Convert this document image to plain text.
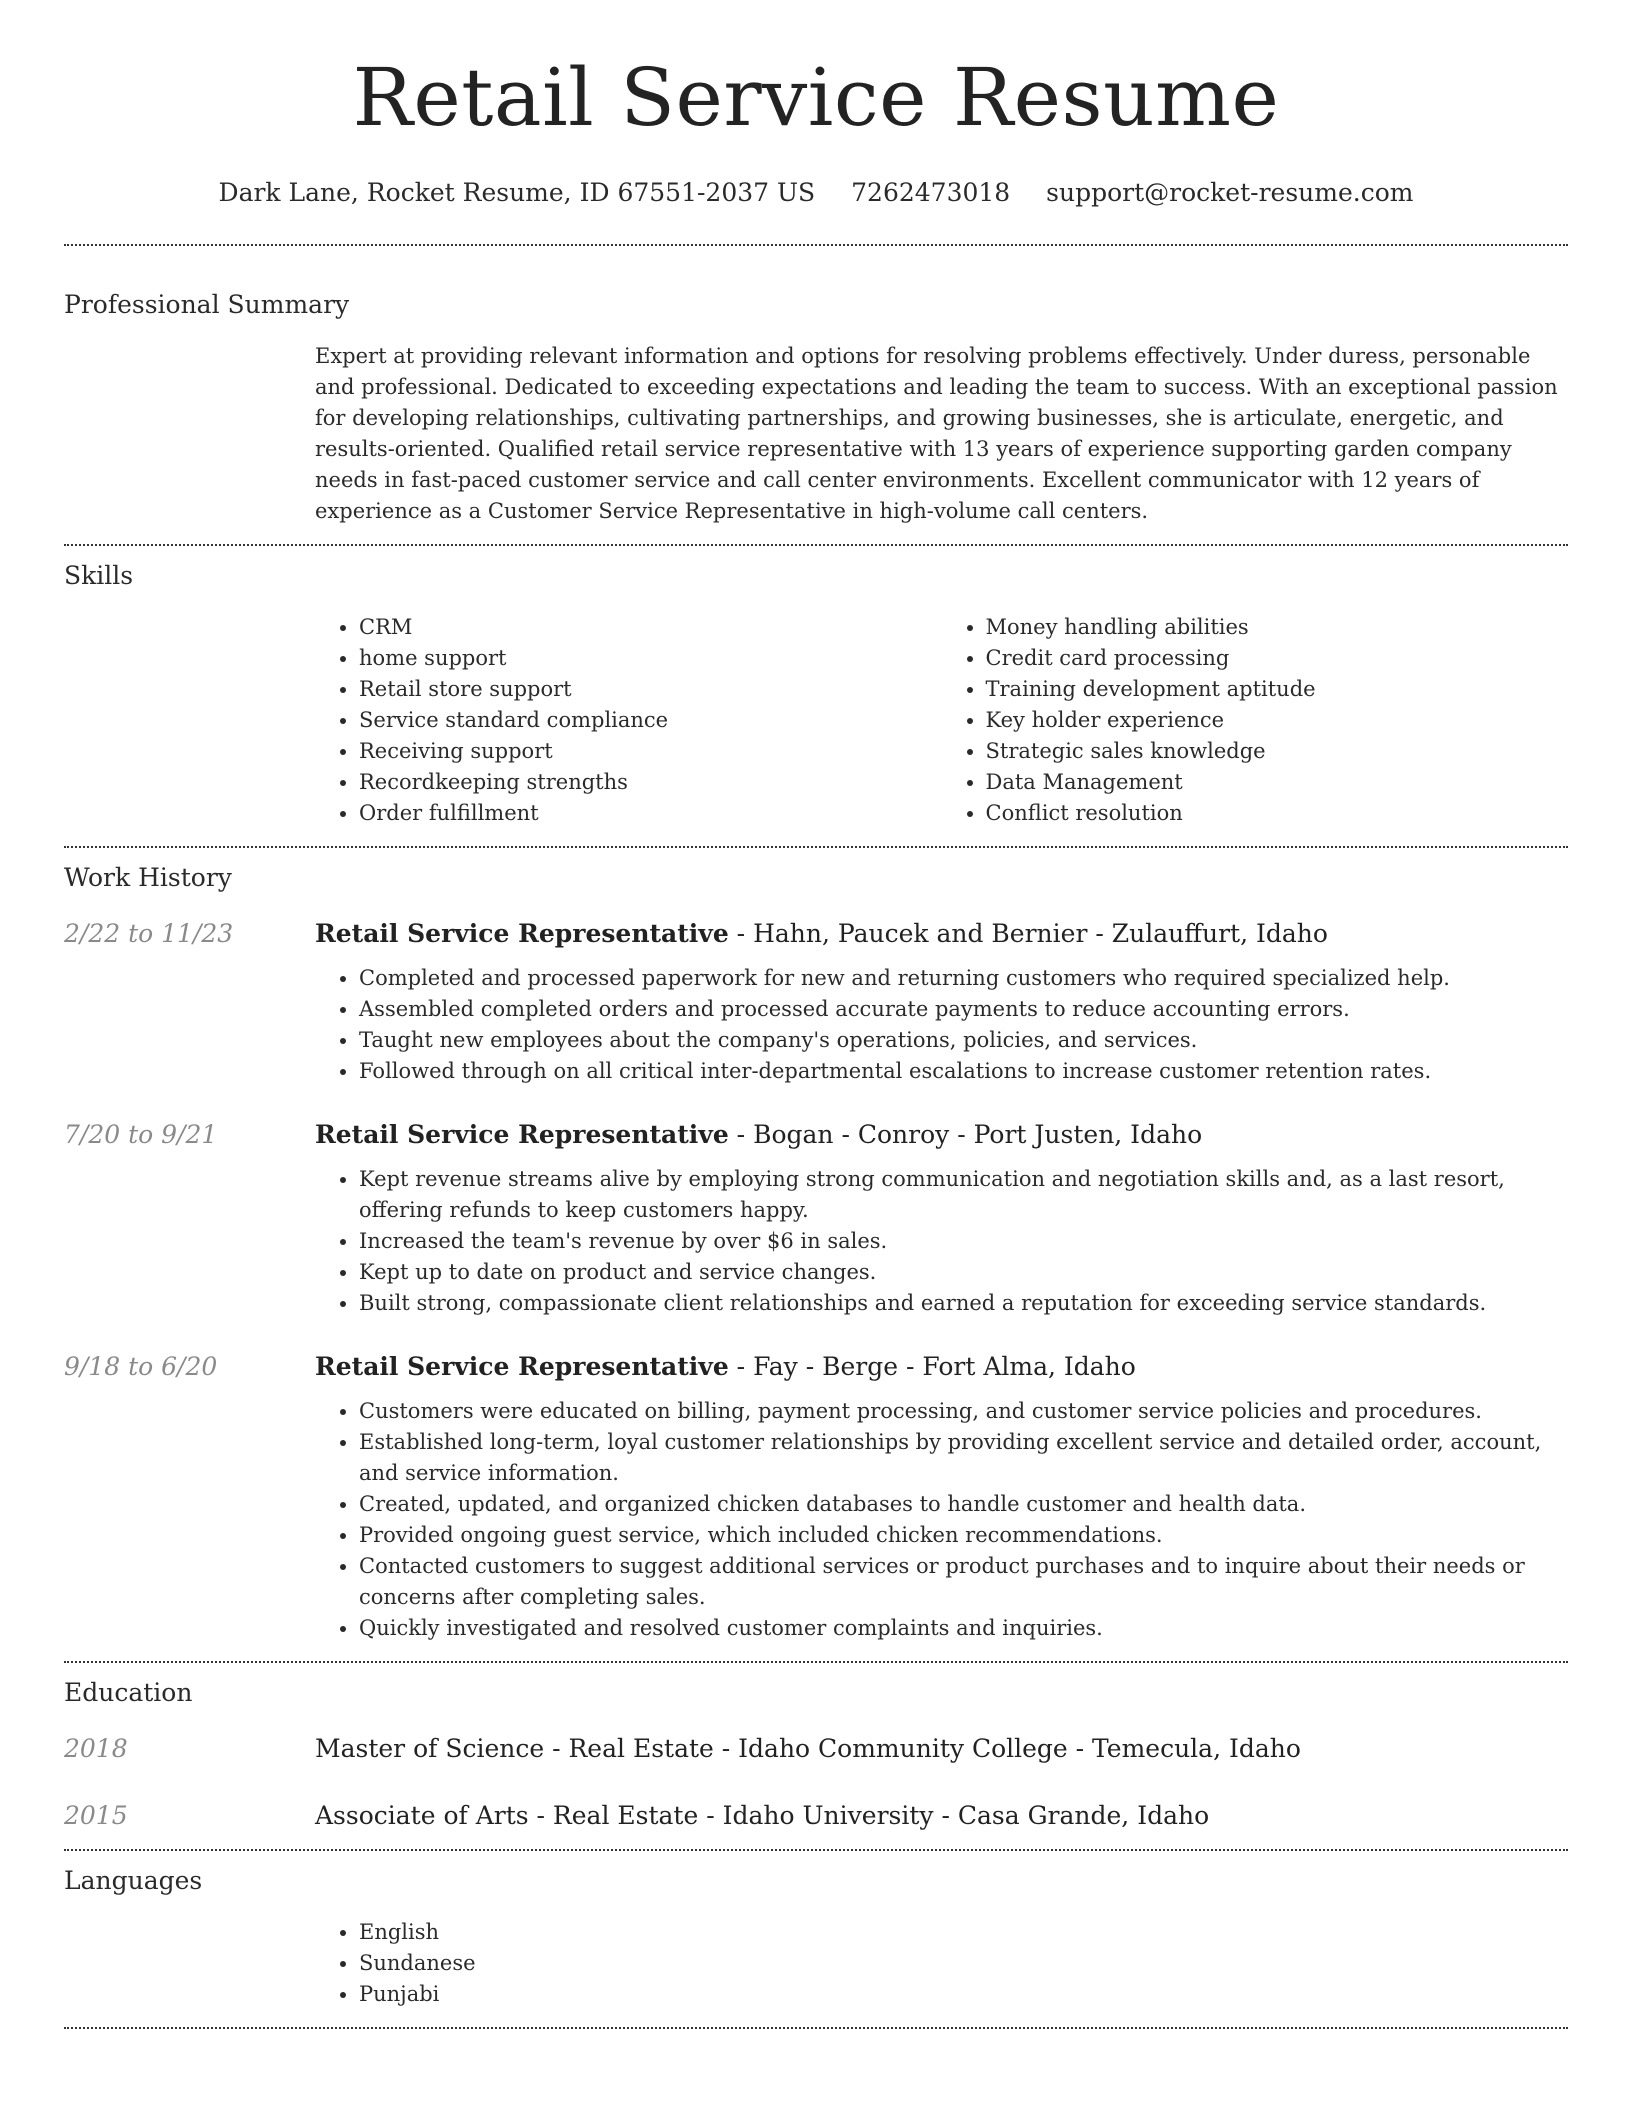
Retail Service Resume
Dark Lane, Rocket Resume, ID 67551-2037 US 7262473018 support@rocket-resume.com
Professional Summary

Expert at providing relevant information and options for resolving problems effectively. Under duress, personable and professional. Dedicated to exceeding expectations and leading the team to success. With an exceptional passion for developing relationships, cultivating partnerships, and growing businesses, she is articulate, energetic, and results-oriented. Qualified retail service representative with 13 years of experience supporting garden company needs in fast-paced customer service and call center environments. Excellent communicator with 12 years of experience as a Customer Service Representative in high-volume call centers.

Skills
• CRM
• home support
• Retail store support
• Service standard compliance
• Receiving support
• Recordkeeping strengths
• Order fulfillment
• Money handling abilities
• Credit card processing
• Training development aptitude
• Key holder experience
• Strategic sales knowledge
• Data Management
• Conflict resolution
Work History
2/22 to 11/23	Retail Service Representative - Hahn, Paucek and Bernier - Zulauffurt, Idaho
• Completed and processed paperwork for new and returning customers who required specialized help.
• Assembled completed orders and processed accurate payments to reduce accounting errors.
• Taught new employees about the company's operations, policies, and services.
• Followed through on all critical inter-departmental escalations to increase customer retention rates.
7/20 to 9/21	Retail Service Representative - Bogan - Conroy - Port Justen, Idaho
• Kept revenue streams alive by employing strong communication and negotiation skills and, as a last resort, offering refunds to keep customers happy.
• Increased the team's revenue by over $6 in sales.
• Kept up to date on product and service changes.
• Built strong, compassionate client relationships and earned a reputation for exceeding service standards.
9/18 to 6/20	Retail Service Representative - Fay - Berge - Fort Alma, Idaho
• Customers were educated on billing, payment processing, and customer service policies and procedures.
• Established long-term, loyal customer relationships by providing excellent service and detailed order, account, and service information.
• Created, updated, and organized chicken databases to handle customer and health data.
• Provided ongoing guest service, which included chicken recommendations.
• Contacted customers to suggest additional services or product purchases and to inquire about their needs or concerns after completing sales.
• Quickly investigated and resolved customer complaints and inquiries.
Education
2018	Master of Science - Real Estate - Idaho Community College - Temecula, Idaho
2015	Associate of Arts - Real Estate - Idaho University - Casa Grande, Idaho
Languages
• English
• Sundanese
• Punjabi
